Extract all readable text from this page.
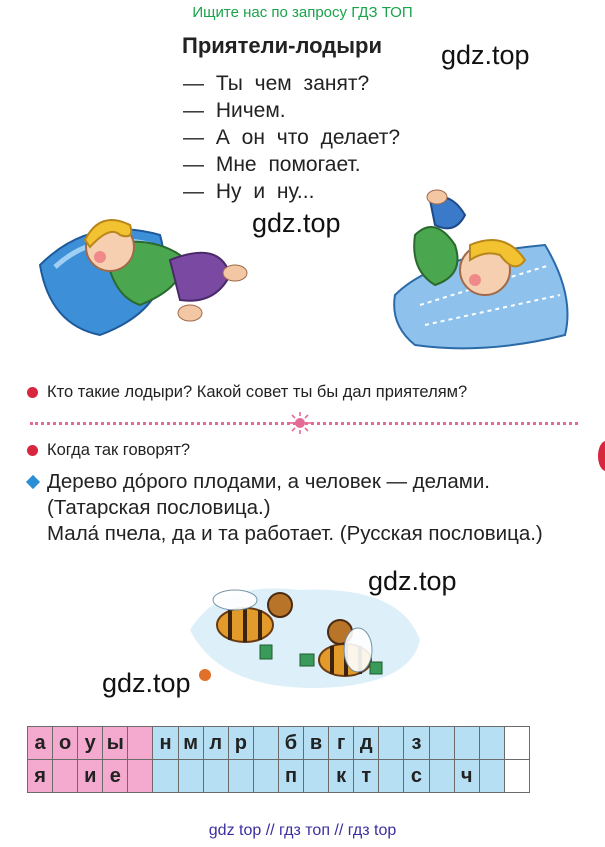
Ищите нас по запросу ГДЗ ТОП
Приятели-лодыри gdz.top
— Ты чем занят?
— Ничем.
— А он что делает?
— Мне помогает.
— Ну и ну...
gdz.top
Кто такие лодыри? Какой совет ты бы дал приятелям?
Когда так говорят?

Дерево до́рого плодами, а человек — делами. (Татарская пословица.)

Мала́ пчела, да и та работает. (Русская пословица.)

gdz.top
gdz.top
а	о	у	ы		н	м	л	р		б	в	г	д		з				
я		и	е							п		к	т		с		ч		
gdz top // гдз топ // гдз top
